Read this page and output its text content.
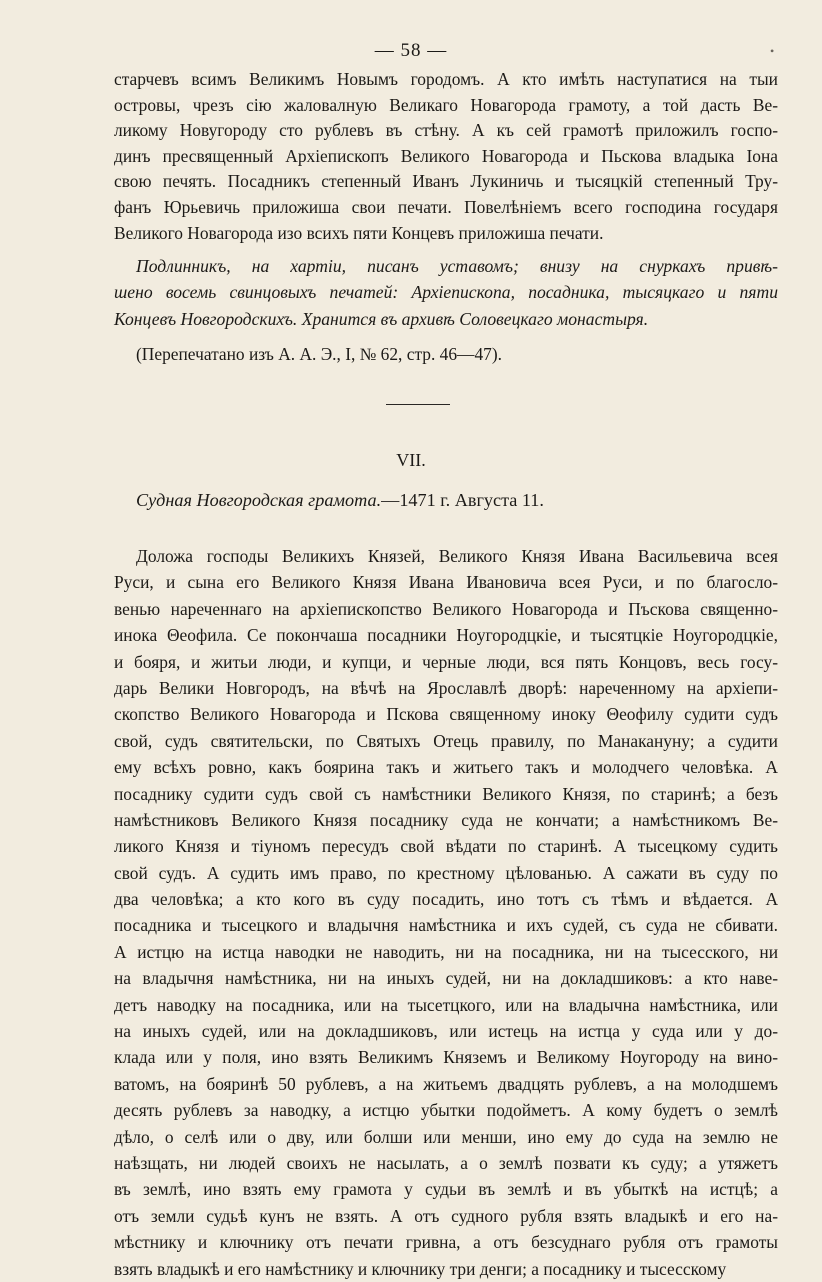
— 58 —	•
старчевъ всимъ Великимъ Новымъ городомъ. А кто имѣть наступатися на тыи
островы, чрезъ сію жаловалную Великаго Новагорода грамоту, а той дасть Ве-
ликому Новугороду сто рублевъ въ стѣну. А къ сей грамотѣ приложилъ госпо-
динъ пресвященный Архіепископъ Великого Новагорода и Пьскова владыка Іона
свою печять. Посадникъ степенный Иванъ Лукиничь и тысяцкій степенный Тру-
фанъ Юрьевичь приложиша свои печати. Повелѣніемъ всего господина государя
Великого Новагорода изо всихъ пяти Концевъ приложиша печати.
Подлинникъ, на хартіи, писанъ уставомъ; внизу на снуркахъ привѣ-
шено восемь свинцовыхъ печатей: Архіепископа, посадника, тысяцкаго и пяти
Концевъ Новгородскихъ. Хранится въ архивѣ Соловецкаго монастыря.
(Перепечатано изъ А. А. Э., I, № 62, стр. 46—47).
VII.
Судная Новгородская грамота.—1471 г. Августа 11.
Доложа господы Великихъ Князей, Великого Князя Ивана Васильевича всея
Руси, и сына его Великого Князя Ивана Ивановича всея Руси, и по благосло-
венью нареченнаго на архіепископство Великого Новагорода и Пъскова священно-
инока Θеофила. Се покончаша посадники Ноугородцкіе, и тысятцкіе Ноугородцкіе,
и бояря, и житьи люди, и купци, и черные люди, вся пять Концовъ, весь госу-
дарь Велики Новгородъ, на вѣчѣ на Ярославлѣ дворѣ: нареченному на архіепи-
скопство Великого Новагорода и Пскова священному иноку Θеофилу судити судъ
свой, судъ святительски, по Святыхъ Отець правилу, по Манакануну; а судити
ему всѣхъ ровно, какъ боярина такъ и житьего такъ и молодчего человѣка. А
посаднику судити судъ свой съ намѣстники Великого Князя, по старинѣ; а безъ
намѣстниковъ Великого Князя посаднику суда не кончати; а намѣстникомъ Ве-
ликого Князя и тіуномъ пересудъ свой вѣдати по старинѣ. А тысецкому судить
свой судъ. А судить имъ право, по крестному цѣлованью. А сажати въ суду по
два человѣка; а кто кого въ суду посадить, ино тотъ съ тѣмъ и вѣдается. А
посадника и тысецкого и владычня намѣстника и ихъ судей, съ суда не сбивати.
А истцю на истца наводки не наводить, ни на посадника, ни на тысесского, ни
на владычня намѣстника, ни на иныхъ судей, ни на докладшиковъ: а кто наве-
детъ наводку на посадника, или на тысетцкого, или на владычна намѣстника, или
на иныхъ судей, или на докладшиковъ, или истець на истца у суда или у до-
клада или у поля, ино взять Великимъ Княземъ и Великому Ноугороду на вино-
ватомъ, на бояринѣ 50 рублевъ, а на житьемъ двадцять рублевъ, а на молодшемъ
десять рублевъ за наводку, а истцю убытки подойметъ. А кому будетъ о землѣ
дѣло, о селѣ или о дву, или болши или менши, ино ему до суда на землю не
наѣзщать, ни людей своихъ не насылать, а о землѣ позвати къ суду; а утяжетъ
въ землѣ, ино взять ему грамота у судьи въ землѣ и въ убыткѣ на истцѣ; а
отъ земли судьѣ кунъ не взять. А отъ судного рубля взять владыкѣ и его на-
мѣстнику и ключнику отъ печати гривна, а отъ безсуднаго рубля отъ грамоты
взять владыкѣ и его намѣстнику и ключнику три денги; а посаднику и тысесскому
